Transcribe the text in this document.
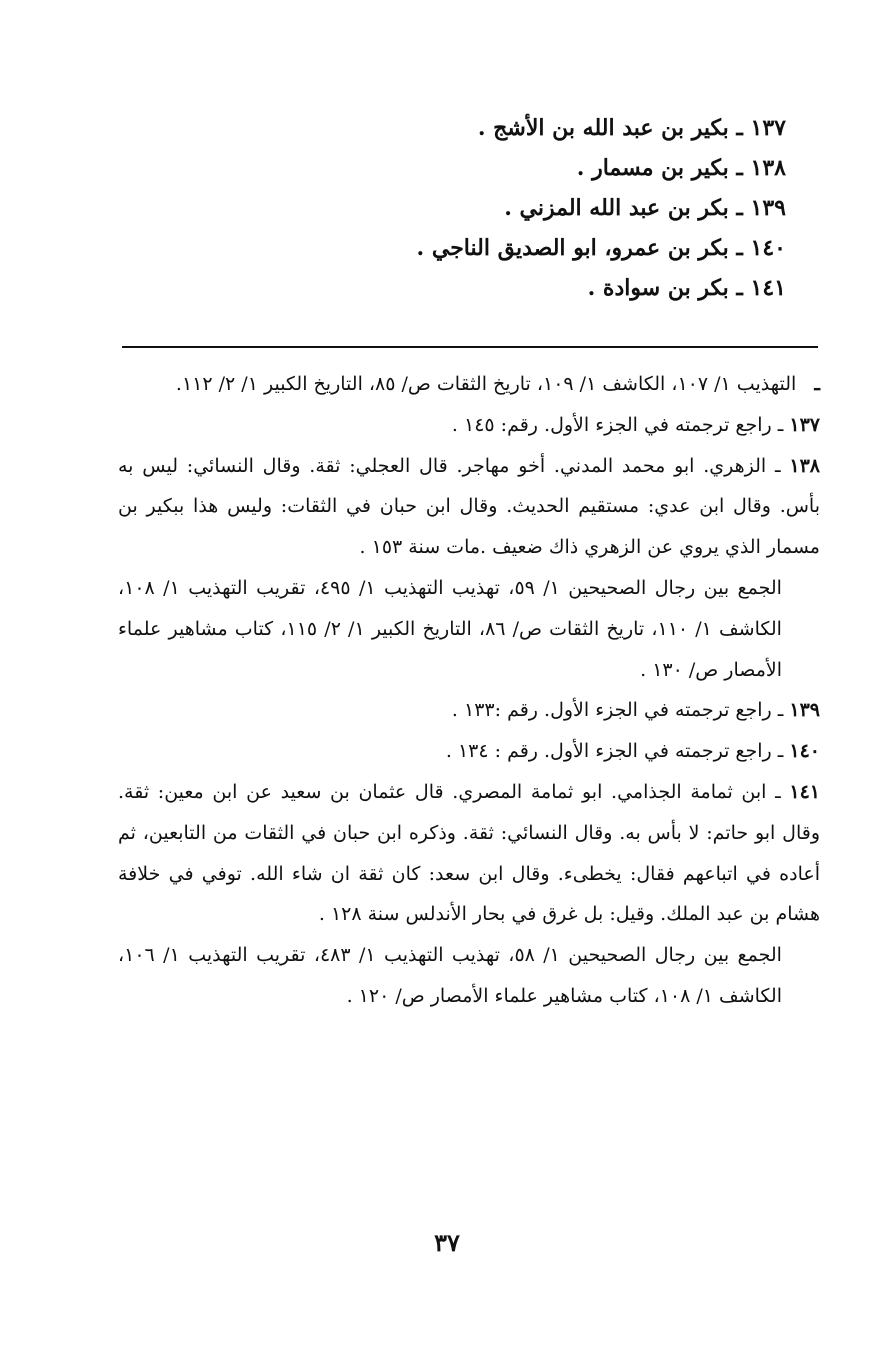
١٣٧ ـ بكير بن عبد الله بن الأشج .
١٣٨ ـ بكير بن مسمار .
١٣٩ ـ بكر بن عبد الله المزني .
١٤٠ ـ بكر بن عمرو، ابو الصديق الناجي .
١٤١ ـ بكر بن سوادة .

ـ   التهذيب ١/ ١٠٧، الكاشف ١/ ١٠٩، تاريخ الثقات ص/ ٨٥، التاريخ الكبير ١/ ٢/ ١١٢.

١٣٧ ـ راجع ترجمته في الجزء الأول. رقم: ١٤٥ .

١٣٨ ـ الزهري. ابو محمد المدني. أخو مهاجر. قال العجلي: ثقة. وقال النسائي: ليس به بأس. وقال ابن عدي: مستقيم الحديث. وقال ابن حبان في الثقات: وليس هذا ببكير بن مسمار الذي يروي عن الزهري ذاك ضعيف .مات سنة ١٥٣ .

الجمع بين رجال الصحيحين ١/ ٥٩، تهذيب التهذيب ١/ ٤٩٥، تقريب التهذيب ١/ ١٠٨، الكاشف ١/ ١١٠، تاريخ الثقات ص/ ٨٦، التاريخ الكبير ١/ ٢/ ١١٥، كتاب مشاهير علماء الأمصار ص/ ١٣٠ .

١٣٩ ـ راجع ترجمته في الجزء الأول. رقم :١٣٣ .

١٤٠ ـ راجع ترجمته في الجزء الأول. رقم : ١٣٤ .

١٤١ ـ ابن ثمامة الجذامي. ابو ثمامة المصري. قال عثمان بن سعيد عن ابن معين: ثقة. وقال ابو حاتم: لا بأس به. وقال النسائي: ثقة. وذكره ابن حبان في الثقات من التابعين، ثم أعاده في اتباعهم فقال: يخطىء. وقال ابن سعد: كان ثقة ان شاء الله. توفي في خلافة هشام بن عبد الملك. وقيل: بل غرق في بحار الأندلس سنة ١٢٨ .

الجمع بين رجال الصحيحين ١/ ٥٨، تهذيب التهذيب ١/ ٤٨٣، تقريب التهذيب ١/ ١٠٦، الكاشف ١/ ١٠٨، كتاب مشاهير علماء الأمصار ص/ ١٢٠ .

٣٧
